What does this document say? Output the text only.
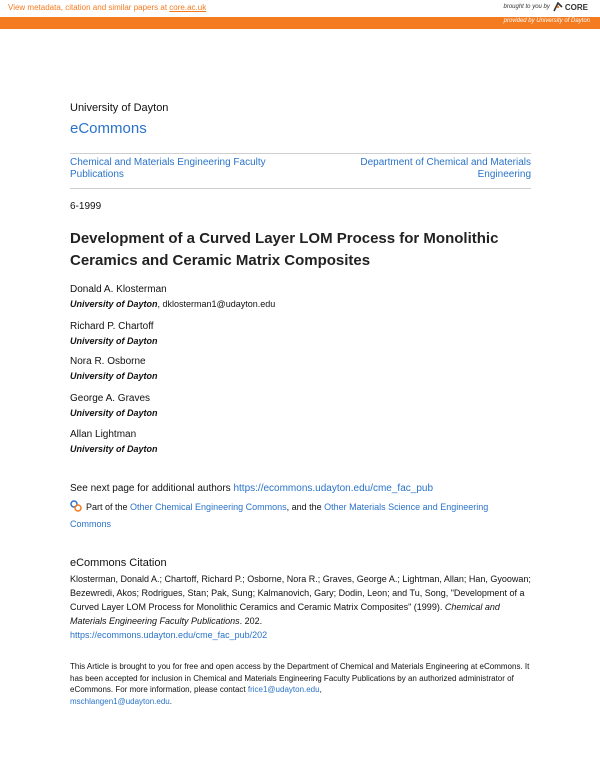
View metadata, citation and similar papers at core.ac.uk	brought to you by CORE
provided by University of Dayton
University of Dayton
eCommons
Chemical and Materials Engineering Faculty Publications
Department of Chemical and Materials Engineering
6-1999
Development of a Curved Layer LOM Process for Monolithic Ceramics and Ceramic Matrix Composites
Donald A. Klosterman
University of Dayton, dklosterman1@udayton.edu
Richard P. Chartoff
University of Dayton
Nora R. Osborne
University of Dayton
George A. Graves
University of Dayton
Allan Lightman
University of Dayton
See next page for additional authors https://ecommons.udayton.edu/cme_fac_pub
Part of the Other Chemical Engineering Commons, and the Other Materials Science and Engineering Commons
eCommons Citation
Klosterman, Donald A.; Chartoff, Richard P.; Osborne, Nora R.; Graves, George A.; Lightman, Allan; Han, Gyoowan; Bezewredi, Akos; Rodrigues, Stan; Pak, Sung; Kalmanovich, Gary; Dodin, Leon; and Tu, Song, "Development of a Curved Layer LOM Process for Monolithic Ceramics and Ceramic Matrix Composites" (1999). Chemical and Materials Engineering Faculty Publications. 202.
https://ecommons.udayton.edu/cme_fac_pub/202
This Article is brought to you for free and open access by the Department of Chemical and Materials Engineering at eCommons. It has been accepted for inclusion in Chemical and Materials Engineering Faculty Publications by an authorized administrator of eCommons. For more information, please contact frice1@udayton.edu,
mschlangen1@udayton.edu.
